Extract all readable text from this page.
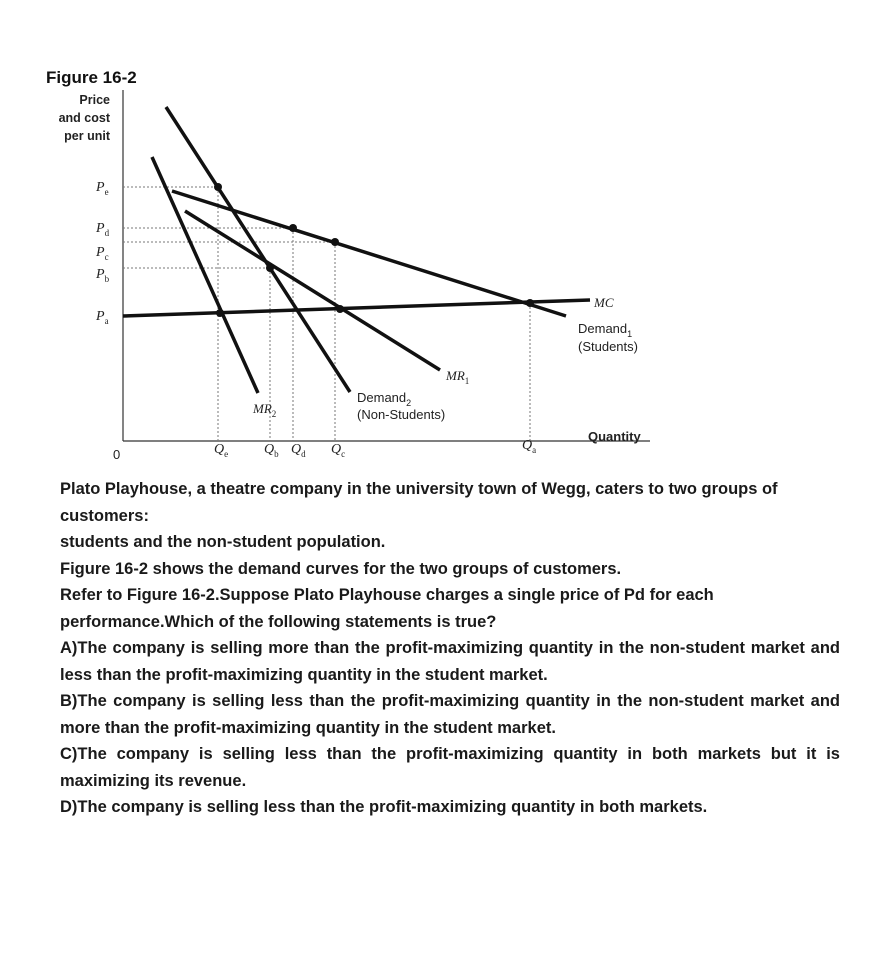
Figure 16-2
Price
and cost
per unit
$P_e$
$P_d$
$P_c$
$P_b$
$P_a$
0	$Q_e$	$Q_b$ $Q_d$ $Q_c$
$Q_a$
Quantity
MC
Demand$_1$
(Students)
$MR_1$
Demand$_2$
(Non-Students)
$MR_2$

Plato Playhouse, a theatre company in the university town of Wegg, caters to two groups of customers:

students and the non-student population.

Figure 16-2 shows the demand curves for the two groups of customers.

Refer to Figure 16-2.Suppose Plato Playhouse charges a single price of Pd for each performance.Which of the following statements is true?

A)The company is selling more than the profit-maximizing quantity in the non-student market and less than the profit-maximizing quantity in the student market.

B)The company is selling less than the profit-maximizing quantity in the non-student market and more than the profit-maximizing quantity in the student market.

C)The company is selling less than the profit-maximizing quantity in both markets but it is maximizing its revenue.

D)The company is selling less than the profit-maximizing quantity in both markets.
